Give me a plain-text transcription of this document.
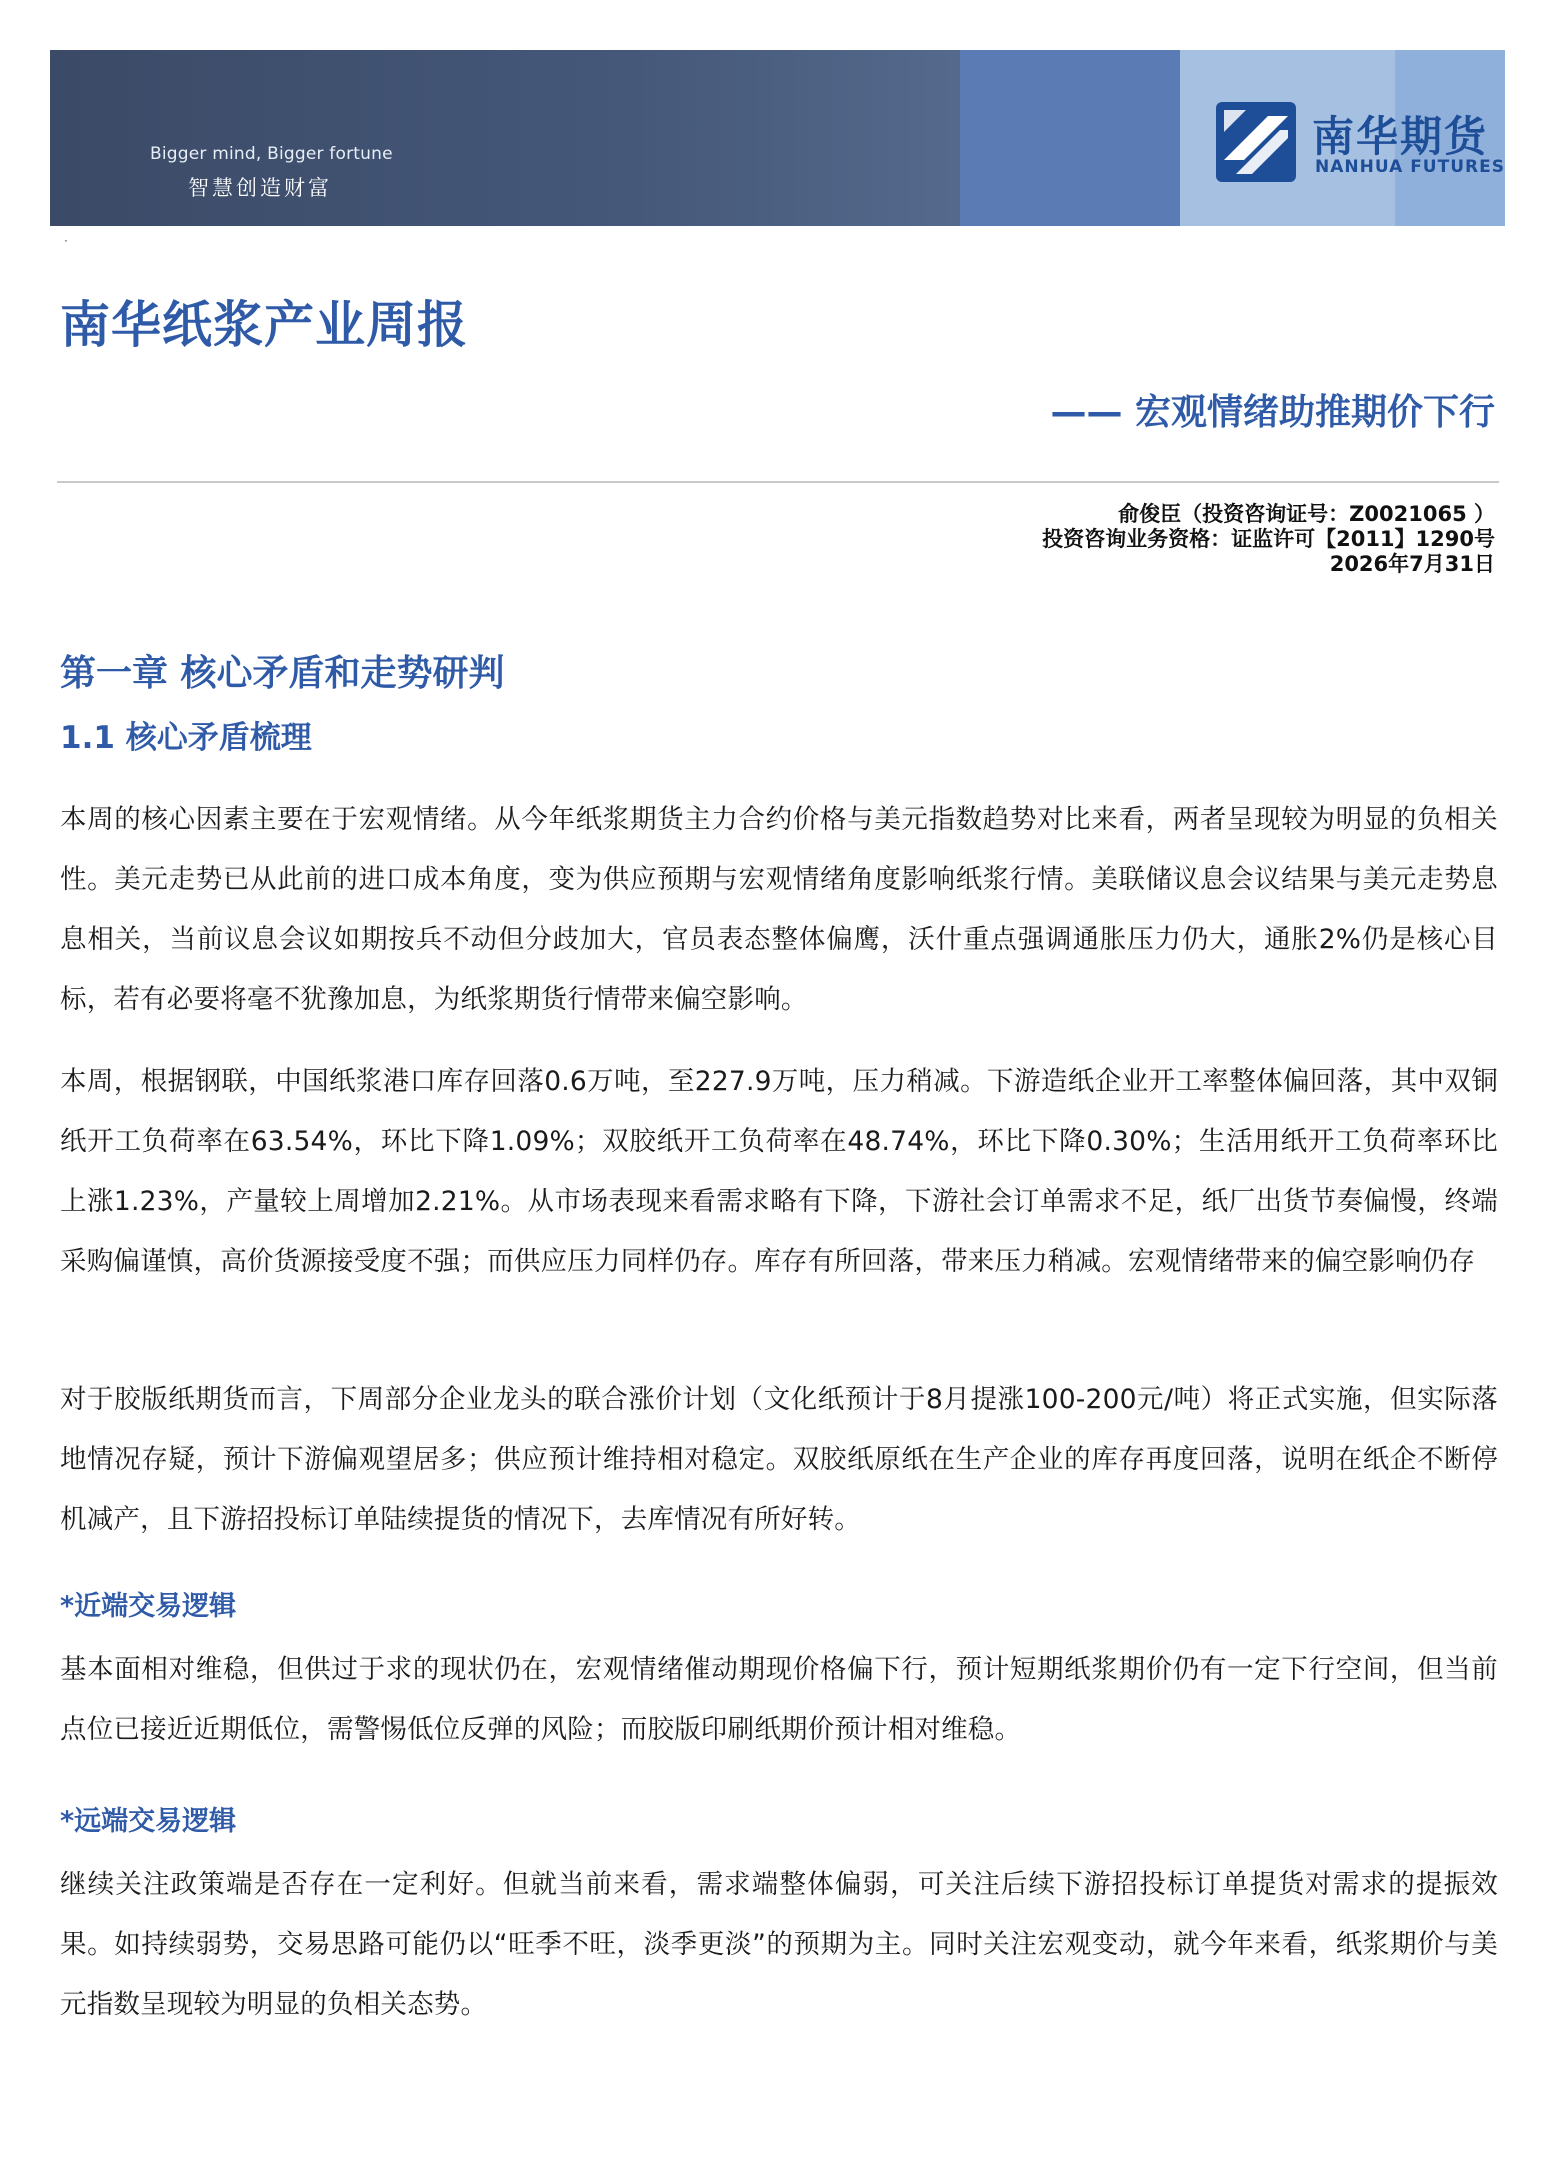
Bigger mind, Bigger fortune
智慧创造财富
南华期货
NANHUA FUTURES
·
南华纸浆产业周报
—— 宏观情绪助推期价下行
俞俊臣（投资咨询证号：Z0021065 ）
投资咨询业务资格：证监许可【2011】1290号
2026年7月31日
第一章 核心矛盾和走势研判
1.1 核心矛盾梳理
本周的核心因素主要在于宏观情绪。从今年纸浆期货主力合约价格与美元指数趋势对比来看，两者呈现较为明显的负相关性。美元走势已从此前的进口成本角度，变为供应预期与宏观情绪角度影响纸浆行情。美联储议息会议结果与美元走势息息相关，当前议息会议如期按兵不动但分歧加大，官员表态整体偏鹰，沃什重点强调通胀压力仍大，通胀2%仍是核心目标，若有必要将毫不犹豫加息，为纸浆期货行情带来偏空影响。
本周，根据钢联，中国纸浆港口库存回落0.6万吨，至227.9万吨，压力稍减。下游造纸企业开工率整体偏回落，其中双铜纸开工负荷率在63.54%，环比下降1.09%；双胶纸开工负荷率在48.74%，环比下降0.30%；生活用纸开工负荷率环比上涨1.23%，产量较上周增加2.21%。从市场表现来看需求略有下降，下游社会订单需求不足，纸厂出货节奏偏慢，终端采购偏谨慎，高价货源接受度不强；而供应压力同样仍存。库存有所回落，带来压力稍减。宏观情绪带来的偏空影响仍存
对于胶版纸期货而言，下周部分企业龙头的联合涨价计划（文化纸预计于8月提涨100-200元/吨）将正式实施，但实际落地情况存疑，预计下游偏观望居多；供应预计维持相对稳定。双胶纸原纸在生产企业的库存再度回落，说明在纸企不断停机减产，且下游招投标订单陆续提货的情况下，去库情况有所好转。
*近端交易逻辑
基本面相对维稳，但供过于求的现状仍在，宏观情绪催动期现价格偏下行，预计短期纸浆期价仍有一定下行空间，但当前点位已接近近期低位，需警惕低位反弹的风险；而胶版印刷纸期价预计相对维稳。
*远端交易逻辑
继续关注政策端是否存在一定利好。但就当前来看，需求端整体偏弱，可关注后续下游招投标订单提货对需求的提振效果。如持续弱势，交易思路可能仍以“旺季不旺，淡季更淡”的预期为主。同时关注宏观变动，就今年来看，纸浆期价与美元指数呈现较为明显的负相关态势。
